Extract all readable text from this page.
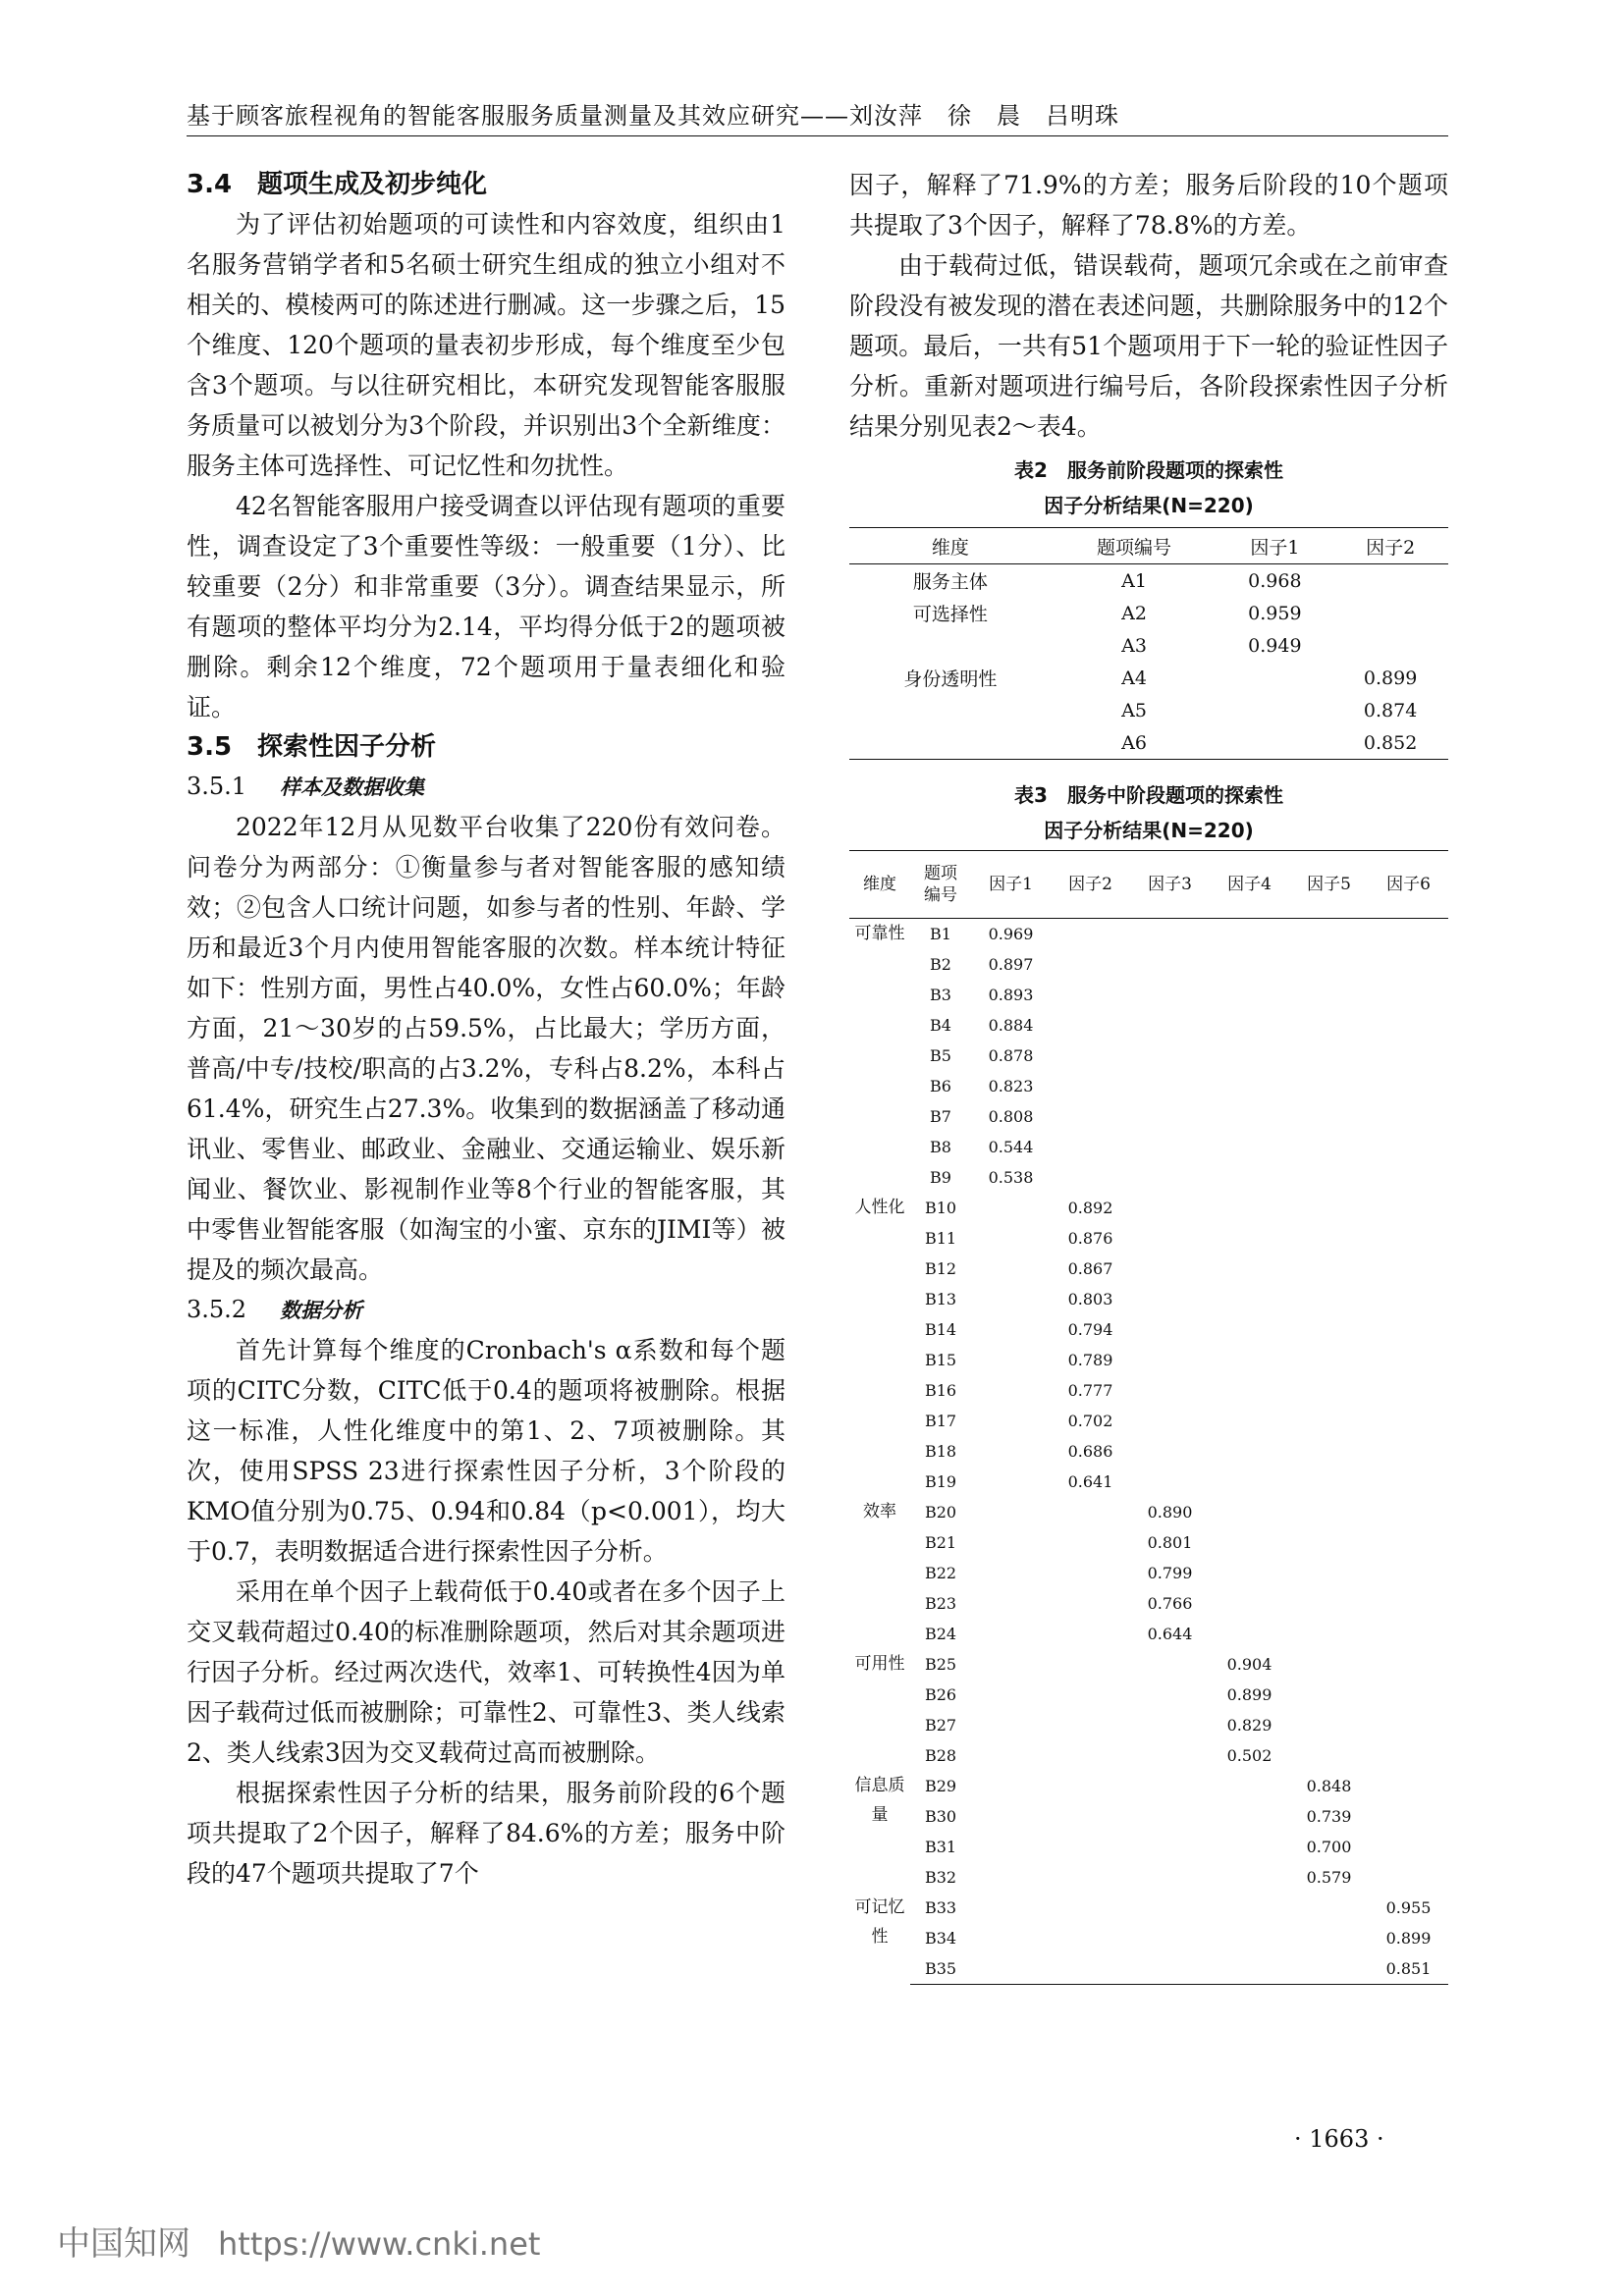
基于顾客旅程视角的智能客服服务质量测量及其效应研究——刘汝萍　徐　晨　吕明珠

3.4　题项生成及初步纯化

为了评估初始题项的可读性和内容效度，组织由1名服务营销学者和5名硕士研究生组成的独立小组对不相关的、模棱两可的陈述进行删减。这一步骤之后，15个维度、120个题项的量表初步形成，每个维度至少包含3个题项。与以往研究相比，本研究发现智能客服服务质量可以被划分为3个阶段，并识别出3个全新维度：服务主体可选择性、可记忆性和勿扰性。

42名智能客服用户接受调查以评估现有题项的重要性，调查设定了3个重要性等级：一般重要（1分）、比较重要（2分）和非常重要（3分）。调查结果显示，所有题项的整体平均分为2.14，平均得分低于2的题项被删除。剩余12个维度，72个题项用于量表细化和验证。

3.5　探索性因子分析

3.5.1 样本及数据收集

2022年12月从见数平台收集了220份有效问卷。问卷分为两部分：①衡量参与者对智能客服的感知绩效；②包含人口统计问题，如参与者的性别、年龄、学历和最近3个月内使用智能客服的次数。样本统计特征如下：性别方面，男性占40.0%，女性占60.0%；年龄方面，21～30岁的占59.5%，占比最大；学历方面，普高/中专/技校/职高的占3.2%，专科占8.2%，本科占61.4%，研究生占27.3%。收集到的数据涵盖了移动通讯业、零售业、邮政业、金融业、交通运输业、娱乐新闻业、餐饮业、影视制作业等8个行业的智能客服，其中零售业智能客服（如淘宝的小蜜、京东的JIMI等）被提及的频次最高。

3.5.2 数据分析

首先计算每个维度的Cronbach's α系数和每个题项的CITC分数，CITC低于0.4的题项将被删除。根据这一标准，人性化维度中的第1、2、7项被删除。其次，使用SPSS 23进行探索性因子分析，3个阶段的KMO值分别为0.75、0.94和0.84（p<0.001），均大于0.7，表明数据适合进行探索性因子分析。

采用在单个因子上载荷低于0.40或者在多个因子上交叉载荷超过0.40的标准删除题项，然后对其余题项进行因子分析。经过两次迭代，效率1、可转换性4因为单因子载荷过低而被删除；可靠性2、可靠性3、类人线索2、类人线索3因为交叉载荷过高而被删除。

根据探索性因子分析的结果，服务前阶段的6个题项共提取了2个因子，解释了84.6%的方差；服务中阶段的47个题项共提取了7个

因子，解释了71.9%的方差；服务后阶段的10个题项共提取了3个因子，解释了78.8%的方差。

由于载荷过低，错误载荷，题项冗余或在之前审查阶段没有被发现的潜在表述问题，共删除服务中的12个题项。最后，一共有51个题项用于下一轮的验证性因子分析。重新对题项进行编号后，各阶段探索性因子分析结果分别见表2～表4。

表2　服务前阶段题项的探索性

因子分析结果(N=220)

维度	题项编号	因子1	因子2
服务主体	A1	0.968	
可选择性	A2	0.959	
	A3	0.949	
身份透明性	A4		0.899
	A5		0.874
	A6		0.852

表3　服务中阶段题项的探索性

因子分析结果(N=220)

维度	题项编号	因子1	因子2	因子3	因子4	因子5	因子6
可靠性	B1	0.969					
	B2	0.897					
	B3	0.893					
	B4	0.884					
	B5	0.878					
	B6	0.823					
	B7	0.808					
	B8	0.544					
	B9	0.538					
人性化	B10		0.892				
	B11		0.876				
	B12		0.867				
	B13		0.803				
	B14		0.794				
	B15		0.789				
	B16		0.777				
	B17		0.702				
	B18		0.686				
	B19		0.641				
效率	B20			0.890			
	B21			0.801			
	B22			0.799			
	B23			0.766			
	B24			0.644			
可用性	B25				0.904		
	B26				0.899		
	B27				0.829		
	B28				0.502		
信息质量	B29					0.848	
	B30					0.739	
	B31					0.700	
	B32					0.579	
可记忆性	B33						0.955
	B34						0.899
	B35						0.851
· 1663 ·
中国知网 https://www.cnki.net
